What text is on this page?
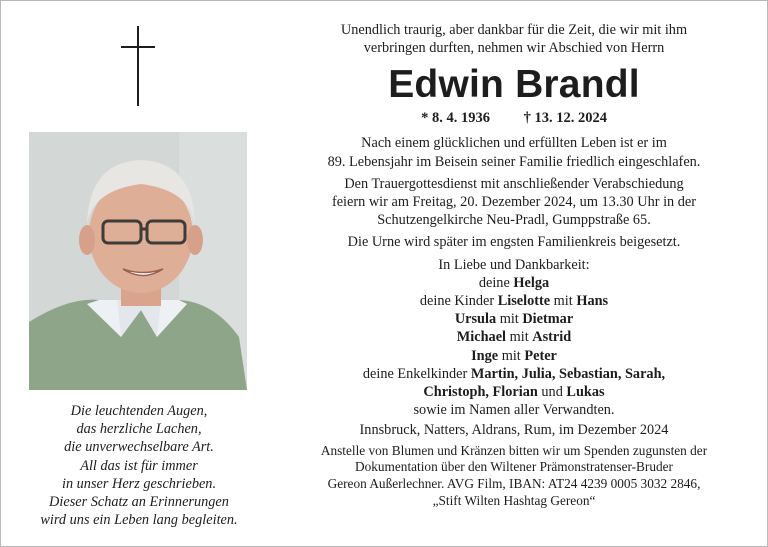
Die leuchtenden Augen,
das herzliche Lachen,
die unverwechselbare Art.
All das ist für immer
in unser Herz geschrieben.
Dieser Schatz an Erinnerungen
wird uns ein Leben lang begleiten.
Unendlich traurig, aber dankbar für die Zeit, die wir mit ihm
verbringen durften, nehmen wir Abschied von Herrn
Edwin Brandl
* 8. 4. 1936 † 13. 12. 2024
Nach einem glücklichen und erfüllten Leben ist er im
89. Lebensjahr im Beisein seiner Familie friedlich eingeschlafen.
Den Trauergottesdienst mit anschließender Verabschiedung
feiern wir am Freitag, 20. Dezember 2024, um 13.30 Uhr in der
Schutzengelkirche Neu-Pradl, Gumppstraße 65.
Die Urne wird später im engsten Familienkreis beigesetzt.
In Liebe und Dankbarkeit:
deine Helga
deine Kinder Liselotte mit Hans
Ursula mit Dietmar
Michael mit Astrid
Inge mit Peter
deine Enkelkinder Martin, Julia, Sebastian, Sarah,
Christoph, Florian und Lukas
sowie im Namen aller Verwandten.
Innsbruck, Natters, Aldrans, Rum, im Dezember 2024
Anstelle von Blumen und Kränzen bitten wir um Spenden zugunsten der
Dokumentation über den Wiltener Prämonstratenser-Bruder
Gereon Außerlechner. AVG Film, IBAN: AT24 4239 0005 3032 2846,
„Stift Wilten Hashtag Gereon“
